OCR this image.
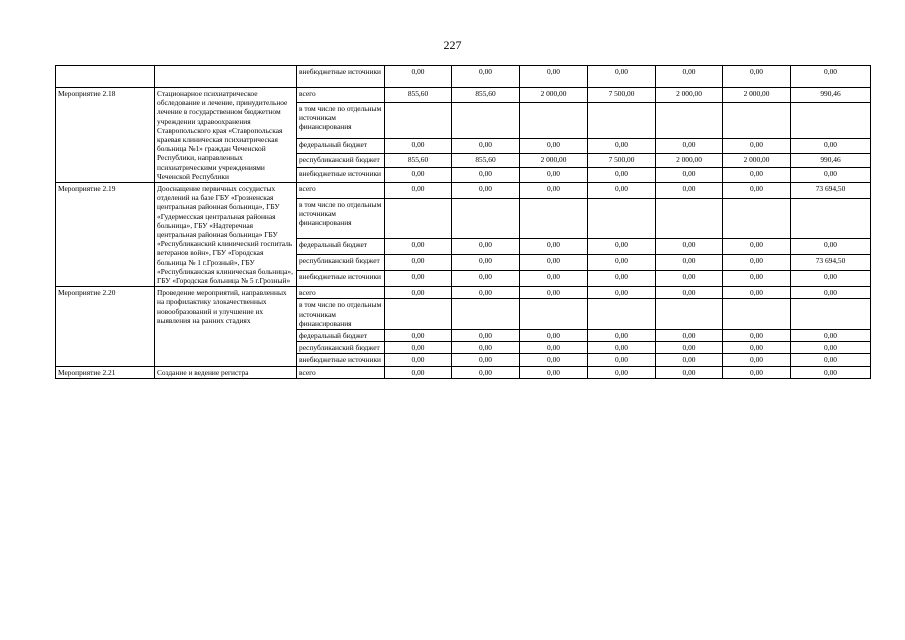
227
		внебюджетные источники	0,00	0,00	0,00	0,00	0,00	0,00	0,00
Мероприятие 2.18	Стационарное психиатрическое обследование и лечение, принудительное лечение в государственном бюджетном учреждении здравоохранения Ставропольского края «Ставропольская краевая клиническая психиатрическая больница №1» граждан Чеченской Республики, направленных психиатрическими учреждениями Чеченской Республики	всего	855,60	855,60	2 000,00	7 500,00	2 000,00	2 000,00	990,46
		в том числе по отдельным источникам финансирования							
		федеральный бюджет	0,00	0,00	0,00	0,00	0,00	0,00	0,00
		республиканский бюджет	855,60	855,60	2 000,00	7 500,00	2 000,00	2 000,00	990,46
		внебюджетные источники	0,00	0,00	0,00	0,00	0,00	0,00	0,00
Мероприятие 2.19	Дооснащение первичных сосудистых отделений на базе ГБУ «Грозненская центральная районная больница», ГБУ «Гудермесская центральная районная больница», ГБУ «Надтеречная центральная районная больница» ГБУ «Республиканский клинический госпиталь ветеранов войн», ГБУ «Городская больница № 1 г.Грозный», ГБУ «Республиканская клиническая больница», ГБУ «Городская больница № 5 г.Грозный»	всего	0,00	0,00	0,00	0,00	0,00	0,00	73 694,50
		в том числе по отдельным источникам финансирования							
		федеральный бюджет	0,00	0,00	0,00	0,00	0,00	0,00	0,00
		республиканский бюджет	0,00	0,00	0,00	0,00	0,00	0,00	73 694,50
		внебюджетные источники	0,00	0,00	0,00	0,00	0,00	0,00	0,00
Мероприятие 2.20	Проведение мероприятий, направленных на профилактику злокачественных новообразований и улучшение их выявления на ранних стадиях	всего	0,00	0,00	0,00	0,00	0,00	0,00	0,00
		в том числе по отдельным источникам финансирования							
		федеральный бюджет	0,00	0,00	0,00	0,00	0,00	0,00	0,00
		республиканский бюджет	0,00	0,00	0,00	0,00	0,00	0,00	0,00
		внебюджетные источники	0,00	0,00	0,00	0,00	0,00	0,00	0,00
Мероприятие 2.21	Создание и ведение регистра	всего	0,00	0,00	0,00	0,00	0,00	0,00	0,00
